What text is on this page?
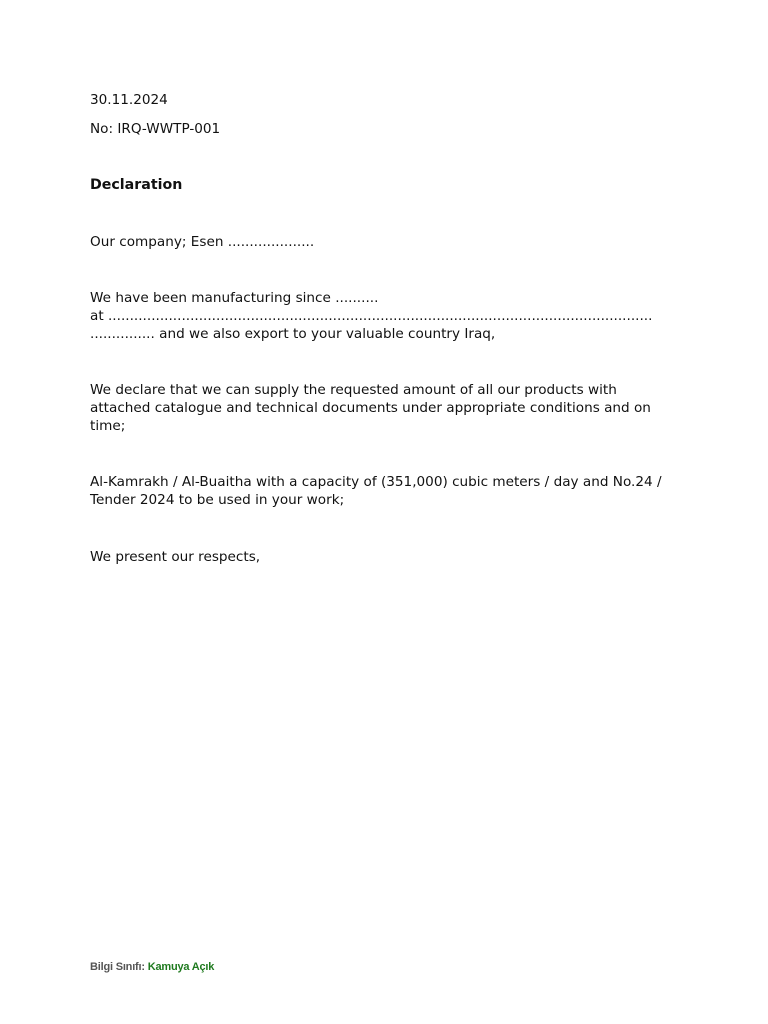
30.11.2024

No: IRQ-WWTP-001

Declaration

Our company; Esen ....................

We have been manufacturing since ..........
at ..............................................................................................................................
............... and we also export to your valuable country Iraq,

We declare that we can supply the requested amount of all our products with attached catalogue and technical documents under appropriate conditions and on time;

Al-Kamrakh / Al-Buaitha with a capacity of (351,000) cubic meters / day and No.24 / Tender 2024 to be used in your work;

We present our respects,

Bilgi Sınıfı: Kamuya Açık
